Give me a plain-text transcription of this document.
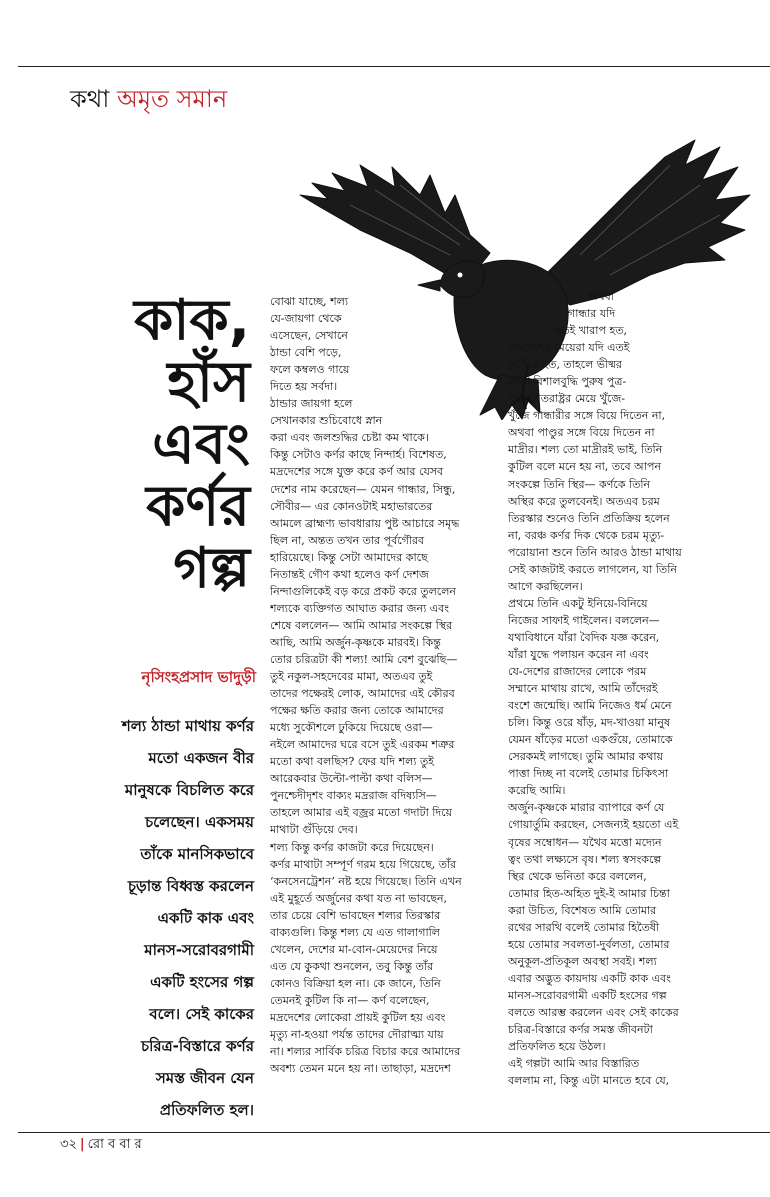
কথা অমৃত সমান
কাক,
হাঁস
এবং
কর্ণর
গল্প
নৃসিংহপ্রসাদ ভাদুড়ী
শল্য ঠান্ডা মাথায় কর্ণর
মতো একজন বীর
মানুষকে বিচলিত করে
চলেছেন। একসময়
তাঁকে মানসিকভাবে
চূড়ান্ত বিধ্বস্ত করলেন
একটি কাক এবং
মানস-সরোবরগামী
একটি হংসের গল্প
বলে। সেই কাকের
চরিত্র-বিস্তারে কর্ণর
সমস্ত জীবন যেন
প্রতিফলিত হল।
বোঝা যাচ্ছে, শল্য
যে-জায়গা থেকে
এসেছেন, সেখানে
ঠান্ডা বেশি পড়ে,
ফলে কম্বলও গায়ে
দিতে হয় সর্বদা।
ঠান্ডার জায়গা হলে
সেখানকার শুচিবোধে স্নান
করা এবং জলশুদ্ধির চেষ্টা কম থাকে।
কিন্তু সেটাও কর্ণর কাছে নিন্দার্হ। বিশেষত,
মদ্রদেশের সঙ্গে যুক্ত করে কর্ণ আর যেসব
দেশের নাম করেছেন— যেমন গান্ধার, সিন্ধু,
সৌবীর— এর কোনওটাই মহাভারতের
আমলে ব্রাহ্মণ্য ভাবধারায় পুষ্ট আচারে সমৃদ্ধ
ছিল না, অন্তত তখন তার পূর্বগৌরব
হারিয়েছে। কিন্তু সেটা আমাদের কাছে
নিতান্তই গৌণ কথা হলেও কর্ণ দেশজ
নিন্দাগুলিকেই বড় করে প্রকট করে তুললেন
শল্যকে ব্যক্তিগত আঘাত করার জন্য এবং
শেষে বললেন— আমি আমার সংকল্পে স্থির
আছি, আমি অর্জুন-কৃষ্ণকে মারবই। কিন্তু
তোর চরিত্রটা কী শল্য! আমি বেশ বুঝেছি—
তুই নকুল-সহদেবের মামা, অতএব তুই
তাদের পক্ষেরই লোক, আমাদের এই কৌরব
পক্ষের ক্ষতি করার জন্য তোকে আমাদের
মধ্যে সুকৌশলে ঢুকিয়ে দিয়েছে ওরা—
নইলে আমাদের ঘরে বসে তুই এরকম শত্রুর
মতো কথা বলছিস? ফের যদি শল্য তুই
আরেকবার উল্টো-পাল্টা কথা বলিস—
পুনশ্চেদীদৃশং বাক্যং মদ্ররাজ বদিষ্যসি—
তাহলে আমার এই বজ্রর মতো গদাটা দিয়ে
মাথাটা গুঁড়িয়ে দেব।
শল্য কিন্তু কর্ণর কাজটা করে দিয়েছেন।
কর্ণর মাথাটা সম্পূর্ণ গরম হয়ে গিয়েছে, তাঁর
‘কনসেনট্রেশন’ নষ্ট হয়ে গিয়েছে। তিনি এখন
এই মুহূর্তে অর্জুনের কথা যত না ভাবছেন,
তার চেয়ে বেশি ভাবছেন শল্যর তিরস্কার
বাক্যগুলি। কিন্তু শল্য যে এত গালাগালি
খেলেন, দেশের মা-বোন-মেয়েদের নিয়ে
এত যে কুকথা শুনলেন, তবু কিন্তু তাঁর
কোনও বিক্রিয়া হল না। কে জানে, তিনি
তেমনই কুটিল কি না— কর্ণ বলেছেন,
মদ্রদেশের লোকেরা প্রায়ই কুটিল হয় এবং
মৃত্যু না-হওয়া পর্যন্ত তাদের দৌরাত্ম্য যায়
না। শল্যর সার্বিক চরিত্র বিচার করে আমাদের
অবশ্য তেমন মনে হয় না। তাছাড়া, মদ্রদেশ
অথবা
গান্ধার যদি
এতই খারাপ হত,
সে-দেশের মেয়েরা যদি এতই
কুচরিত্র হত, তাহলে ভীষ্মর
মতো বিশালবুদ্ধি পুরুষ পুত্র-
সমান ধৃতরাষ্ট্রর মেয়ে খুঁজে-
খুঁজে গান্ধারীর সঙ্গে বিয়ে দিতেন না,
অথবা পাণ্ডুর সঙ্গে বিয়ে দিতেন না
মাদ্রীর। শল্য তো মাদ্রীরই ভাই, তিনি
কুটিল বলে মনে হয় না, তবে আপন
সংকল্পে তিনি স্থির— কর্ণকে তিনি
অস্থির করে তুলবেনই। অতএব চরম
তিরস্কার শুনেও তিনি প্রতিক্রিয় হলেন
না, বরঞ্চ কর্ণর দিক থেকে চরম মৃত্যু-
পরোয়ানা শুনে তিনি আরও ঠান্ডা মাথায়
সেই কাজটাই করতে লাগলেন, যা তিনি
আগে করছিলেন।
প্রথমে তিনি একটু ইনিয়ে-বিনিয়ে
নিজের সাফাই গাইলেন। বললেন—
যথাবিধানে যাঁরা বৈদিক যজ্ঞ করেন,
যাঁরা যুদ্ধে পলায়ন করেন না এবং
যে-দেশের রাজাদের লোকে পরম
সম্মানে মাথায় রাখে, আমি তাঁদেরই
বংশে জন্মেছি। আমি নিজেও ধর্ম মেনে
চলি। কিন্তু ওরে ষাঁড়, মদ-খাওয়া মানুষ
যেমন ষাঁড়ের মতো একগুঁয়ে, তোমাকে
সেরকমই লাগছে। তুমি আমার কথায়
পাত্তা দিচ্ছ না বলেই তোমার চিকিৎসা
করেছি আমি।
অর্জুন-কৃষ্ণকে মারার ব্যাপারে কর্ণ যে
গোয়ার্তুমি করছেন, সেজন্যই হয়তো এই
বৃষের সম্বোধন— যথৈব মত্তো মদ্যেন
ত্বং তথা লক্ষ্যসে বৃষ। শল্য স্বসংকল্পে
স্থির থেকে ভনিতা করে বললেন,
তোমার হিত-অহিত দুই-ই আমার চিন্তা
করা উচিত, বিশেষত আমি তোমার
রথের সারথি বলেই তোমার হিতৈষী
হয়ে তোমার সবলতা-দুর্বলতা, তোমার
অনুকূল-প্রতিকূল অবস্থা সবই। শল্য
এবার অদ্ভুত কায়দায় একটি কাক এবং
মানস-সরোবরগামী একটি হংসের গল্প
বলতে আরম্ভ করলেন এবং সেই কাকের
চরিত্র-বিস্তারে কর্ণর সমস্ত জীবনটা
প্রতিফলিত হয়ে উঠল।
এই গল্পটা আমি আর বিস্তারিত
বললাম না, কিন্তু এটা মানতে হবে যে,
৩২ | রো ব বা র
